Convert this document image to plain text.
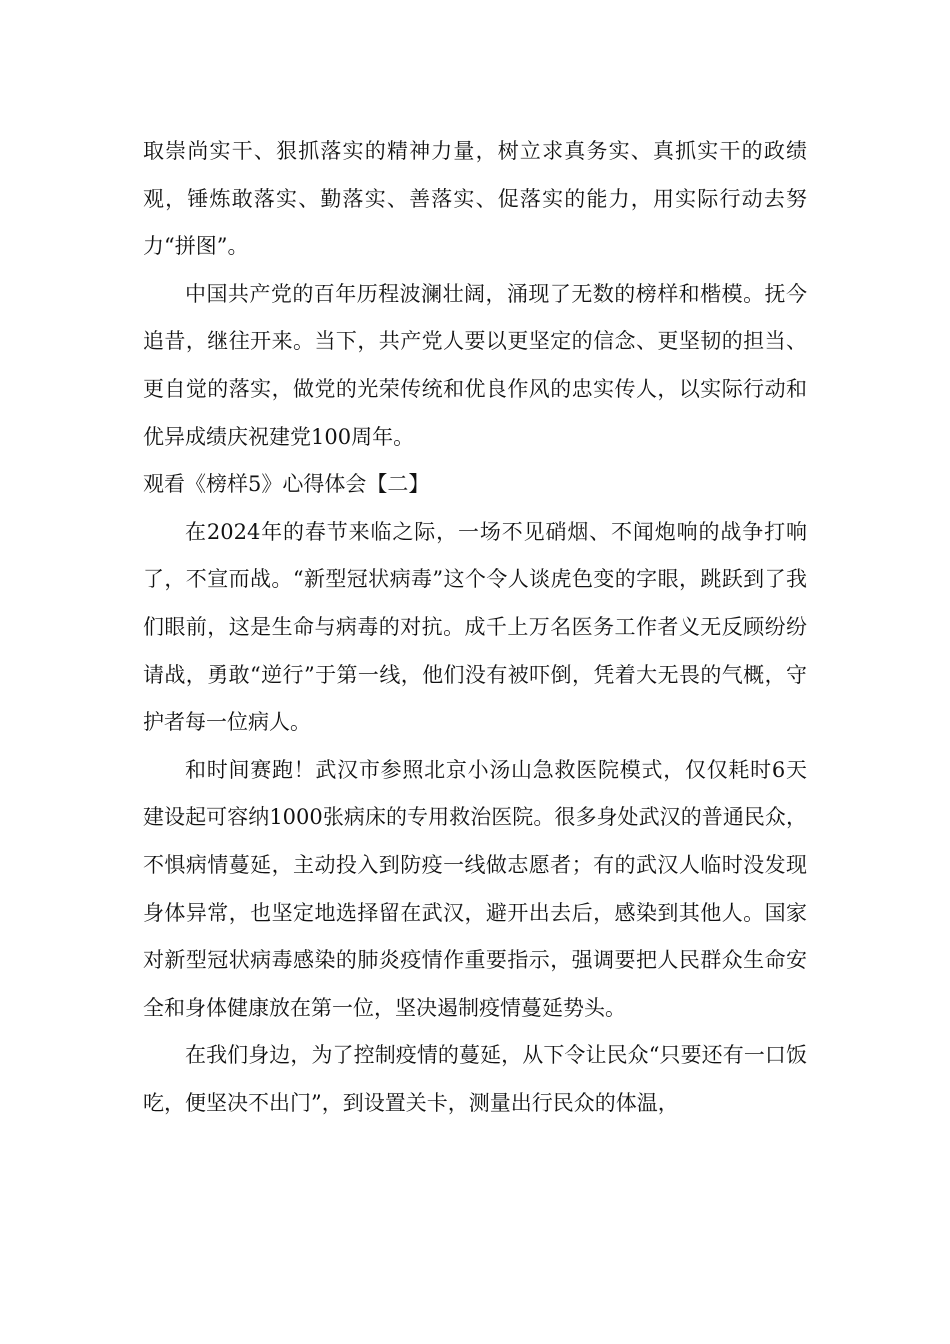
取崇尚实干、狠抓落实的精神力量，树立求真务实、真抓实干的政绩观，锤炼敢落实、勤落实、善落实、促落实的能力，用实际行动去努力“拼图”。

中国共产党的百年历程波澜壮阔，涌现了无数的榜样和楷模。抚今追昔，继往开来。当下，共产党人要以更坚定的信念、更坚韧的担当、更自觉的落实，做党的光荣传统和优良作风的忠实传人，以实际行动和优异成绩庆祝建党100周年。

观看《榜样5》心得体会【二】

在2024年的春节来临之际，一场不见硝烟、不闻炮响的战争打响了，不宣而战。“新型冠状病毒”这个令人谈虎色变的字眼，跳跃到了我们眼前，这是生命与病毒的对抗。成千上万名医务工作者义无反顾纷纷请战，勇敢“逆行”于第一线，他们没有被吓倒，凭着大无畏的气概，守护者每一位病人。

和时间赛跑！武汉市参照北京小汤山急救医院模式，仅仅耗时6天建设起可容纳1000张病床的专用救治医院。很多身处武汉的普通民众，不惧病情蔓延，主动投入到防疫一线做志愿者；有的武汉人临时没发现身体异常，也坚定地选择留在武汉，避开出去后，感染到其他人。国家对新型冠状病毒感染的肺炎疫情作重要指示，强调要把人民群众生命安全和身体健康放在第一位，坚决遏制疫情蔓延势头。

在我们身边，为了控制疫情的蔓延，从下令让民众“只要还有一口饭吃，便坚决不出门”，到设置关卡，测量出行民众的体温，
